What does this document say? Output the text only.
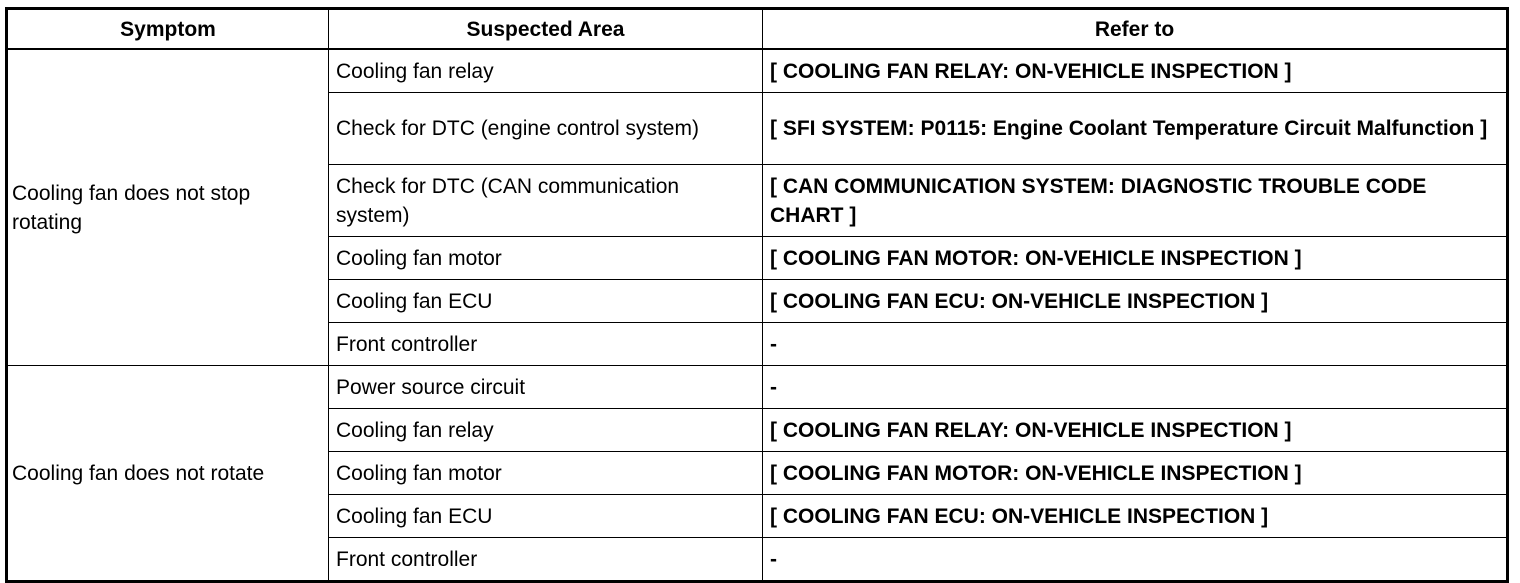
Symptom	Suspected Area	Refer to
Cooling fan does not stop rotating	Cooling fan relay	[ COOLING FAN RELAY: ON-VEHICLE INSPECTION ]
	Check for DTC (engine control system)	[ SFI SYSTEM: P0115: Engine Coolant Temperature Circuit Malfunction ]
	Check for DTC (CAN communication system)	[ CAN COMMUNICATION SYSTEM: DIAGNOSTIC TROUBLE CODE CHART ]
	Cooling fan motor	[ COOLING FAN MOTOR: ON-VEHICLE INSPECTION ]
	Cooling fan ECU	[ COOLING FAN ECU: ON-VEHICLE INSPECTION ]
	Front controller	-
Cooling fan does not rotate	Power source circuit	-
	Cooling fan relay	[ COOLING FAN RELAY: ON-VEHICLE INSPECTION ]
	Cooling fan motor	[ COOLING FAN MOTOR: ON-VEHICLE INSPECTION ]
	Cooling fan ECU	[ COOLING FAN ECU: ON-VEHICLE INSPECTION ]
	Front controller	-
